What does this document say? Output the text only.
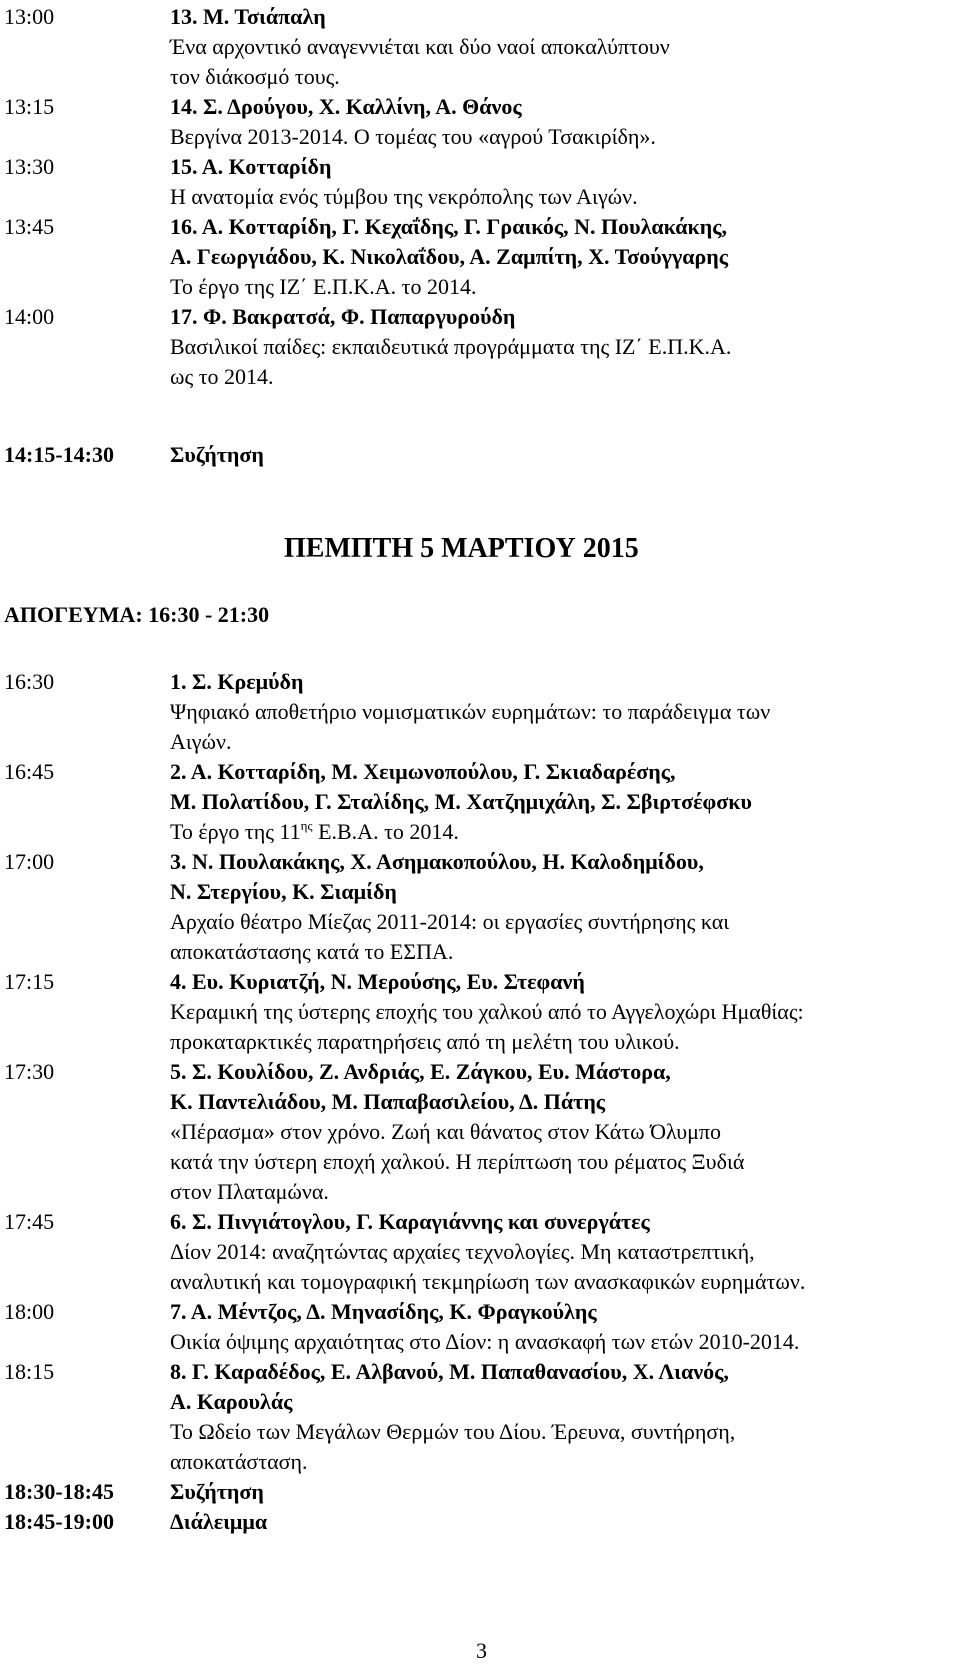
13:00	13. Μ. Τσιάπαλη
Ένα αρχοντικό αναγεννιέται και δύο ναοί αποκαλύπτουν
τον διάκοσμό τους.
13:15	14. Σ. Δρούγου, Χ. Καλλίνη, Α. Θάνος
Βεργίνα 2013-2014. Ο τομέας του «αγρού Τσακιρίδη».
13:30	15. Α. Κοτταρίδη
Η ανατομία ενός τύμβου της νεκρόπολης των Αιγών.
13:45	16. Α. Κοτταρίδη, Γ. Κεχαΐδης, Γ. Γραικός, Ν. Πουλακάκης,
Α. Γεωργιάδου, Κ. Νικολαΐδου, Α. Ζαμπίτη, Χ. Τσούγγαρης
Το έργο της ΙΖ΄ Ε.Π.Κ.Α. το 2014.
14:00	17. Φ. Βακρατσά, Φ. Παπαργυρούδη
Βασιλικοί παίδες: εκπαιδευτικά προγράμματα της ΙΖ΄ Ε.Π.Κ.Α.
ως το 2014.
14:15-14:30	Συζήτηση
ΠΕΜΠΤΗ 5 ΜΑΡΤΙΟΥ 2015
ΑΠΟΓΕΥΜΑ: 16:30 - 21:30
16:30	1. Σ. Κρεμύδη
Ψηφιακό αποθετήριο νομισματικών ευρημάτων: το παράδειγμα των
Αιγών.
16:45	2. Α. Κοτταρίδη, Μ. Χειμωνοπούλου, Γ. Σκιαδαρέσης,
Μ. Πολατίδου, Γ. Σταλίδης, Μ. Χατζημιχάλη, Σ. Σβιρτσέφσκυ
Το έργο της $11^{\eta\varsigma}$ Ε.Β.Α. το 2014.
17:00	3. Ν. Πουλακάκης, Χ. Ασημακοπούλου, Η. Καλοδημίδου,
Ν. Στεργίου, Κ. Σιαμίδη
Αρχαίο θέατρο Μίεζας 2011-2014: οι εργασίες συντήρησης και
αποκατάστασης κατά το ΕΣΠΑ.
17:15	4. Ευ. Κυριατζή, Ν. Μερούσης, Ευ. Στεφανή
Κεραμική της ύστερης εποχής του χαλκού από το Αγγελοχώρι Ημαθίας:
προκαταρκτικές παρατηρήσεις από τη μελέτη του υλικού.
17:30	5. Σ. Κουλίδου, Ζ. Ανδριάς, Ε. Ζάγκου, Ευ. Μάστορα,
Κ. Παντελιάδου, Μ. Παπαβασιλείου, Δ. Πάτης
«Πέρασμα» στον χρόνο. Ζωή και θάνατος στον Κάτω Όλυμπο
κατά την ύστερη εποχή χαλκού. Η περίπτωση του ρέματος Ξυδιά
στον Πλαταμώνα.
17:45	6. Σ. Πινγιάτογλου, Γ. Καραγιάννης και συνεργάτες
Δίον 2014: αναζητώντας αρχαίες τεχνολογίες. Μη καταστρεπτική,
αναλυτική και τομογραφική τεκμηρίωση των ανασκαφικών ευρημάτων.
18:00	7. Α. Μέντζος, Δ. Μηνασίδης, Κ. Φραγκούλης
Οικία όψιμης αρχαιότητας στο Δίον: η ανασκαφή των ετών 2010-2014.
18:15	8. Γ. Καραδέδος, Ε. Αλβανού, Μ. Παπαθανασίου, Χ. Λιανός,
Α. Καρουλάς
Το Ωδείο των Μεγάλων Θερμών του Δίου. Έρευνα, συντήρηση,
αποκατάσταση.
18:30-18:45	Συζήτηση
18:45-19:00	Διάλειμμα
3
